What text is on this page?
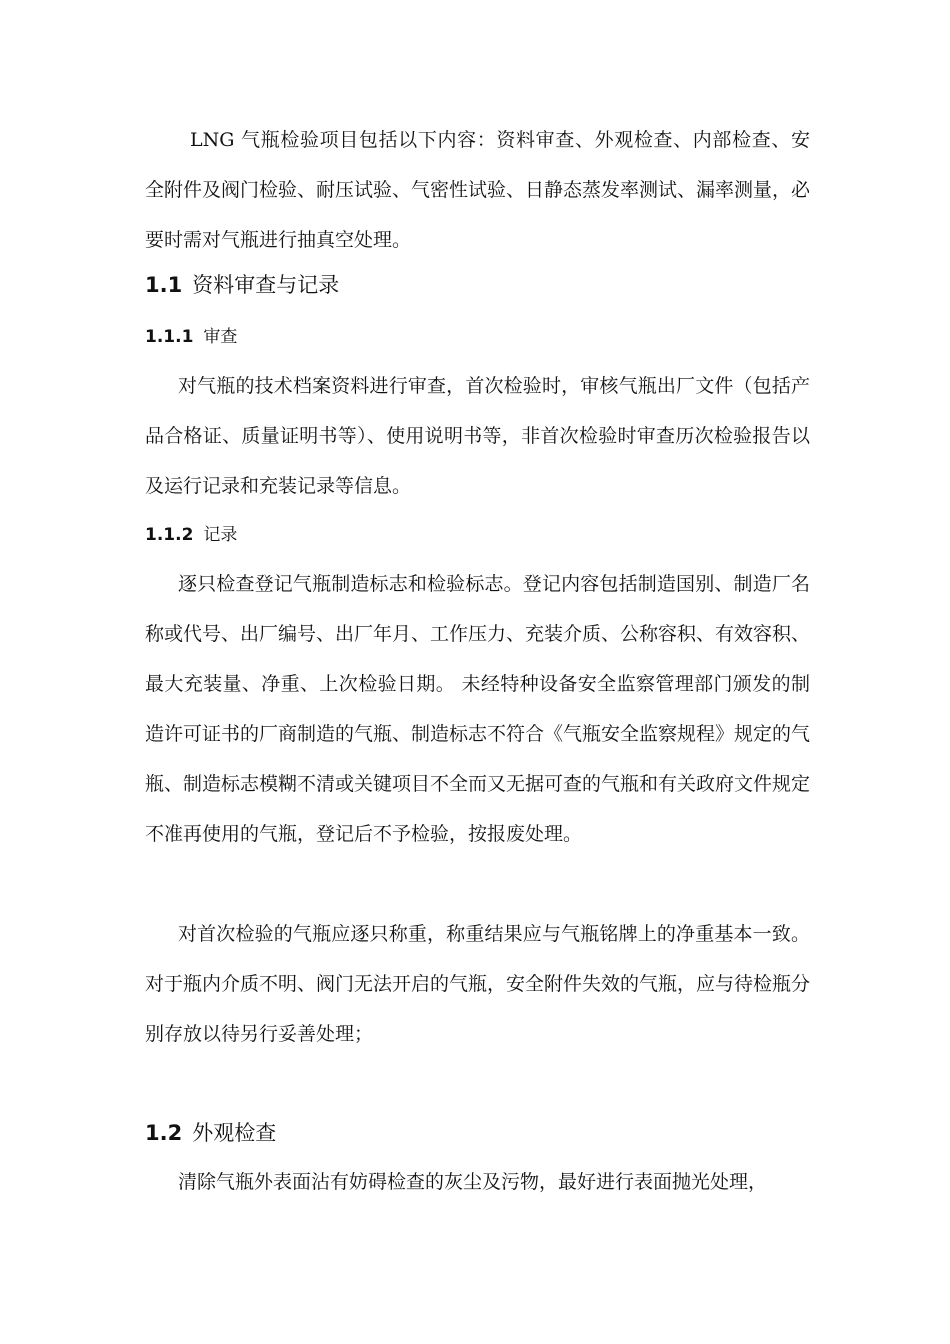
LNG 气瓶检验项目包括以下内容：资料审查、外观检查、内部检查、安全附件及阀门检验、耐压试验、气密性试验、日静态蒸发率测试、漏率测量，必要时需对气瓶进行抽真空处理。

1.1 资料审查与记录
1.1.1 审查

对气瓶的技术档案资料进行审查，首次检验时，审核气瓶出厂文件（包括产品合格证、质量证明书等）、使用说明书等，非首次检验时审查历次检验报告以及运行记录和充装记录等信息。

1.1.2 记录

逐只检查登记气瓶制造标志和检验标志。登记内容包括制造国别、制造厂名称或代号、出厂编号、出厂年月、工作压力、充装介质、公称容积、有效容积、最大充装量、净重、上次检验日期。 未经特种设备安全监察管理部门颁发的制造许可证书的厂商制造的气瓶、制造标志不符合《气瓶安全监察规程》规定的气瓶、制造标志模糊不清或关键项目不全而又无据可查的气瓶和有关政府文件规定不准再使用的气瓶，登记后不予检验，按报废处理。

对首次检验的气瓶应逐只称重，称重结果应与气瓶铭牌上的净重基本一致。对于瓶内介质不明、阀门无法开启的气瓶，安全附件失效的气瓶，应与待检瓶分别存放以待另行妥善处理；

1.2 外观检查

清除气瓶外表面沾有妨碍检查的灰尘及污物，最好进行表面抛光处理，
